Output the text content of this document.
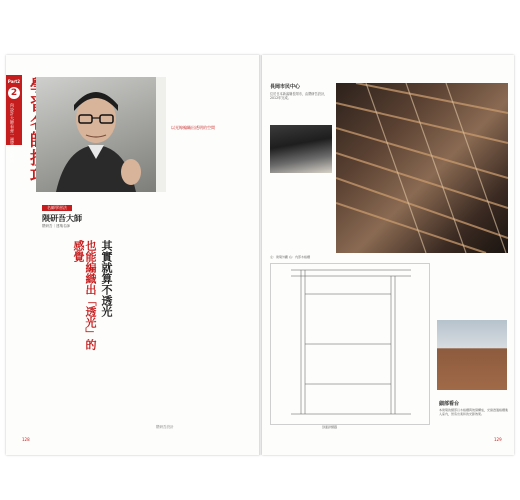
Part2
2
向設計大師看齊一邊學設計邊讀	以光線編織出透明的空間
名師學習法
隈研吾大師
隈研吾｜建築名師
其實就算不透光
也能編織出「透光」的感覺
128
隈研吾設計
長岡市民中心
位於日本新潟縣長岡市，由隈研吾設計，2012年完成。
左：建築外觀 右：內部木格柵
剖面詳細圖
細部看台
本建築的細部以木格柵與玻璃構成，光線透過格柵進入室內，營造出柔和的光影效果。
129
